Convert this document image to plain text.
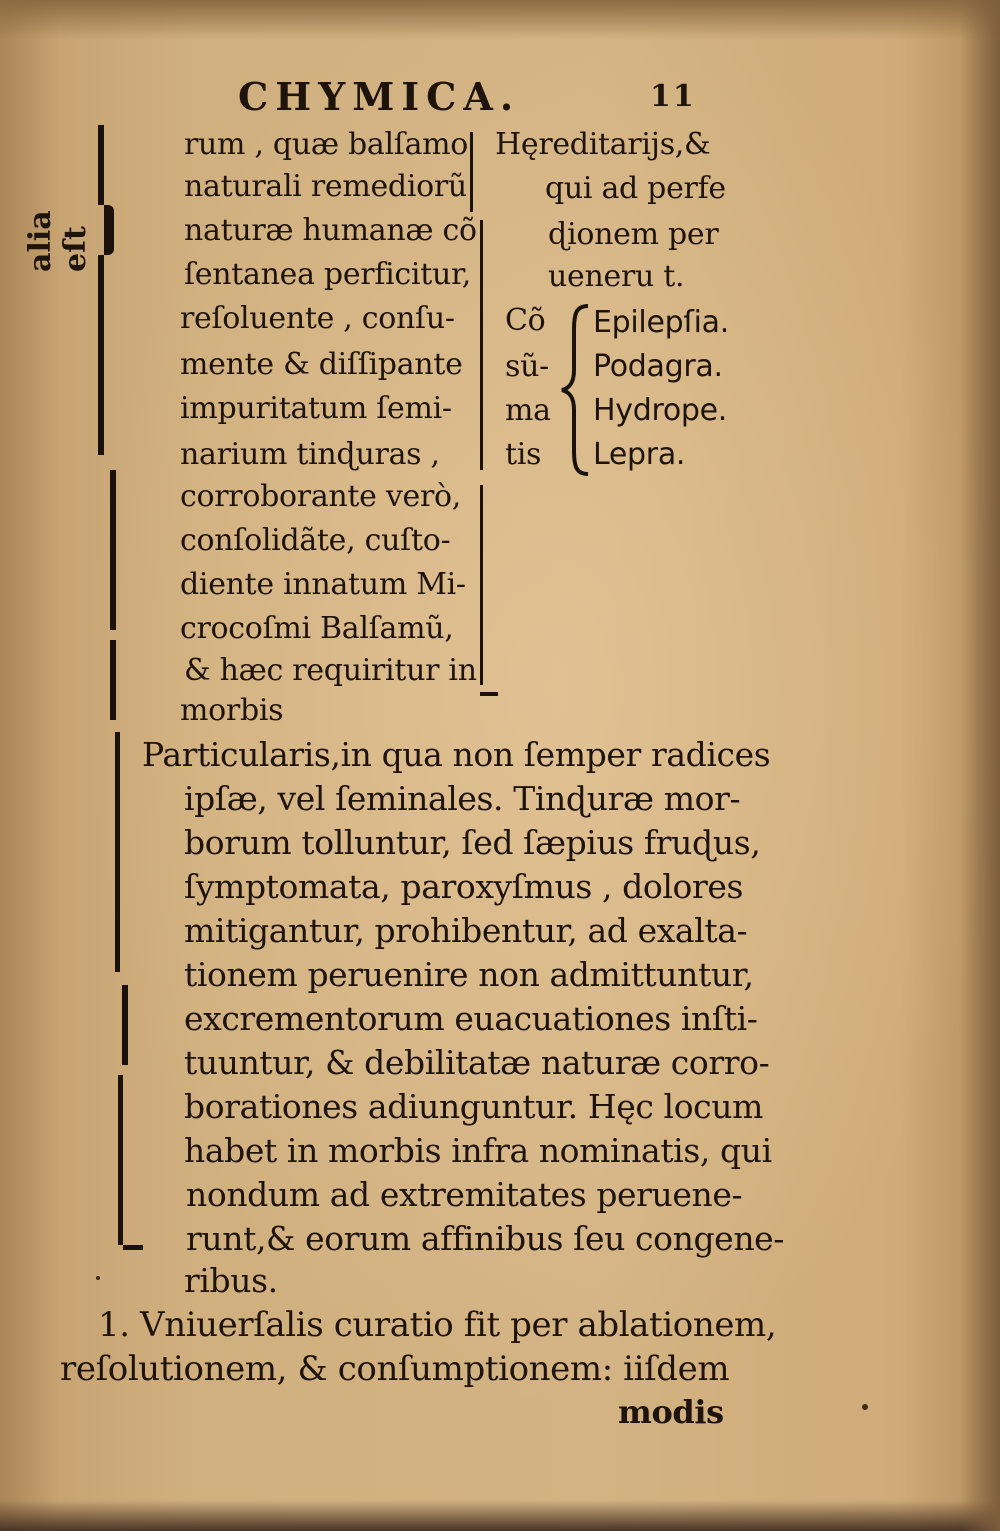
CHYMICA.	11
alia eſt
rum , quæ balſamo
naturali remediorũ
naturæ humanæ cõ
ſentanea perficitur,
reſoluente , conſu-
mente & diſſipante
impuritatum ſemi-
narium tinɖuras ,
corroborante verò,
conſolidãte, cuſto-
diente innatum Mi-
crocoſmi Balſamũ,
& hæc requiritur in
morbis
Hęreditarijs,&
qui ad perfe
ɖionem per
ueneru t.
Cõ
sũ-
ma
tis
Epilepſia.
Podagra.
Hydrope.
Lepra.
Particularis,in qua non ſemper radices
ipſæ, vel ſeminales. Tinɖuræ mor-
borum tolluntur, ſed ſæpius fruɖus,
ſymptomata, paroxyſmus , dolores
mitigantur, prohibentur, ad exalta-
tionem peruenire non admittuntur,
excrementorum euacuationes inſti-
tuuntur, & debilitatæ naturæ corro-
borationes adiunguntur. Hęc locum
habet in morbis infra nominatis, qui
nondum ad extremitates peruene-
runt,& eorum affinibus ſeu congene-
ribus.
1. Vniuerſalis curatio fit per ablationem,
reſolutionem, & conſumptionem: iiſdem
modis
